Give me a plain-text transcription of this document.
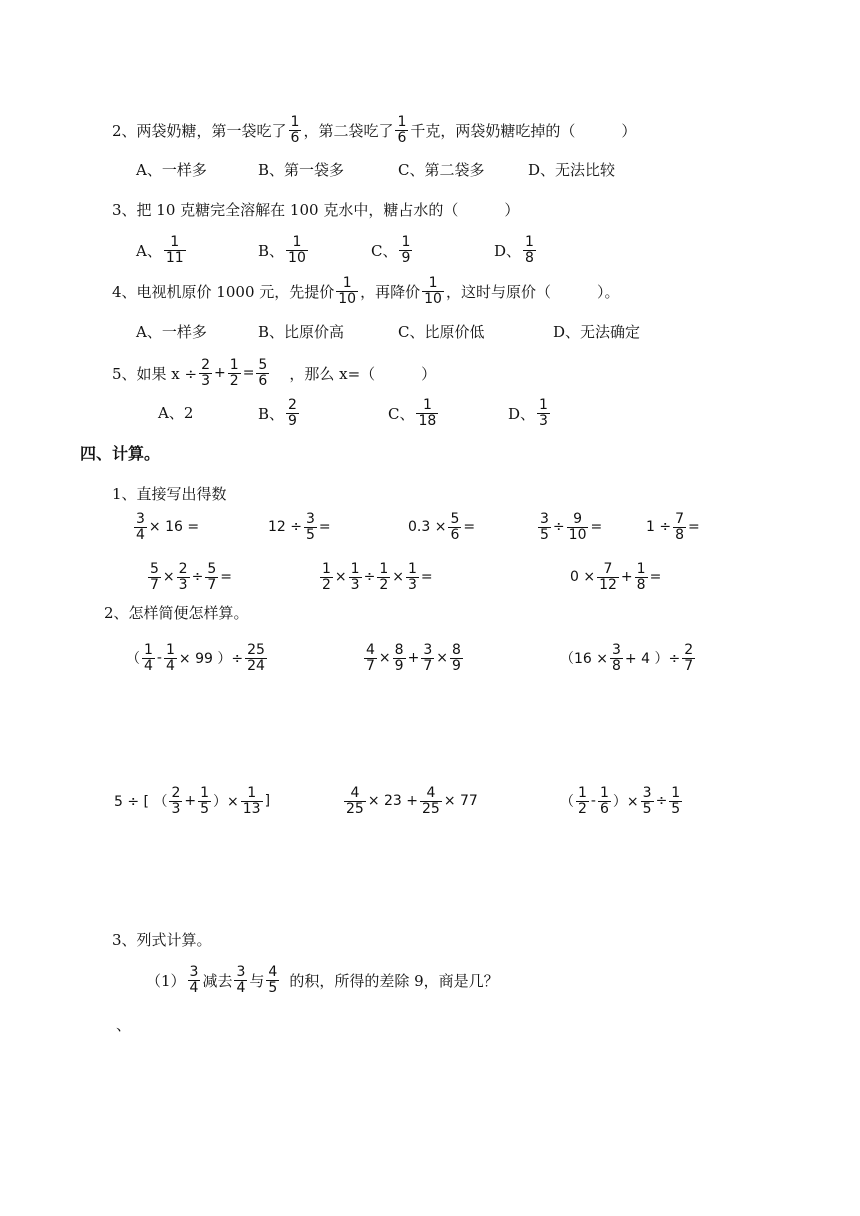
2、两袋奶糖，第一袋吃了 $\frac{1}{6}$ ，第二袋吃了 $\frac{1}{6}$ 千克，两袋奶糖吃掉的（	）
A、一样多	B、第一袋多	C、第二袋多	D、无法比较
3、把 10 克糖完全溶解在 100 克水中，糖占水的（	）
A、 $\frac{1}{11}$	B、 $\frac{1}{10}$	C、 $\frac{1}{9}$	D、 $\frac{1}{8}$
4、电视机原价 1000 元，先提价 $\frac{1}{10}$ ，再降价 $\frac{1}{10}$ ，这时与原价（	）。
A、一样多	B、比原价高	C、比原价低	D、无法确定
5、如果 $x \div \frac{2}{3} + \frac{1}{2} = \frac{5}{6}$ ，那么 x=（	）
A、2	B、 $\frac{2}{9}$	C、 $\frac{1}{18}$	D、 $\frac{1}{3}$
四、计算。
1、直接写出得数
$\frac{3}{4} \times 16$ =	$12 \div \frac{3}{5}$ =	$0.3 \times \frac{5}{6}$ =	$\frac{3}{5} \div \frac{9}{10}$ =	$1 \div \frac{7}{8}$ =
$\frac{5}{7} \times \frac{2}{3} \div \frac{5}{7}$ =	$\frac{1}{2} \times \frac{1}{3} \div \frac{1}{2} \times \frac{1}{3}$ =	$0 \times \frac{7}{12} + \frac{1}{8}$ =
2、怎样简便怎样算。
（ $\frac{1}{4} - \frac{1}{4} \times 99$ ）÷ $\frac{25}{24}$	$\frac{4}{7} \times \frac{8}{9} + \frac{3}{7} \times \frac{8}{9}$	（$16 \times \frac{3}{8} + 4$ ）÷ $\frac{2}{7}$
5 ÷ [ （ $\frac{2}{3} + \frac{1}{5}$ ）× $\frac{1}{13}$ ]	$\frac{4}{25} \times 23 + \frac{4}{25} \times 77$	（ $\frac{1}{2} - \frac{1}{6}$ ）× $\frac{3}{5} \div \frac{1}{5}$
3、列式计算。
$(1) \frac{3}{4}$ 减去 $\frac{3}{4}$ 与 $\frac{4}{5}$ 的积，所得的差除 9，商是几？
、
